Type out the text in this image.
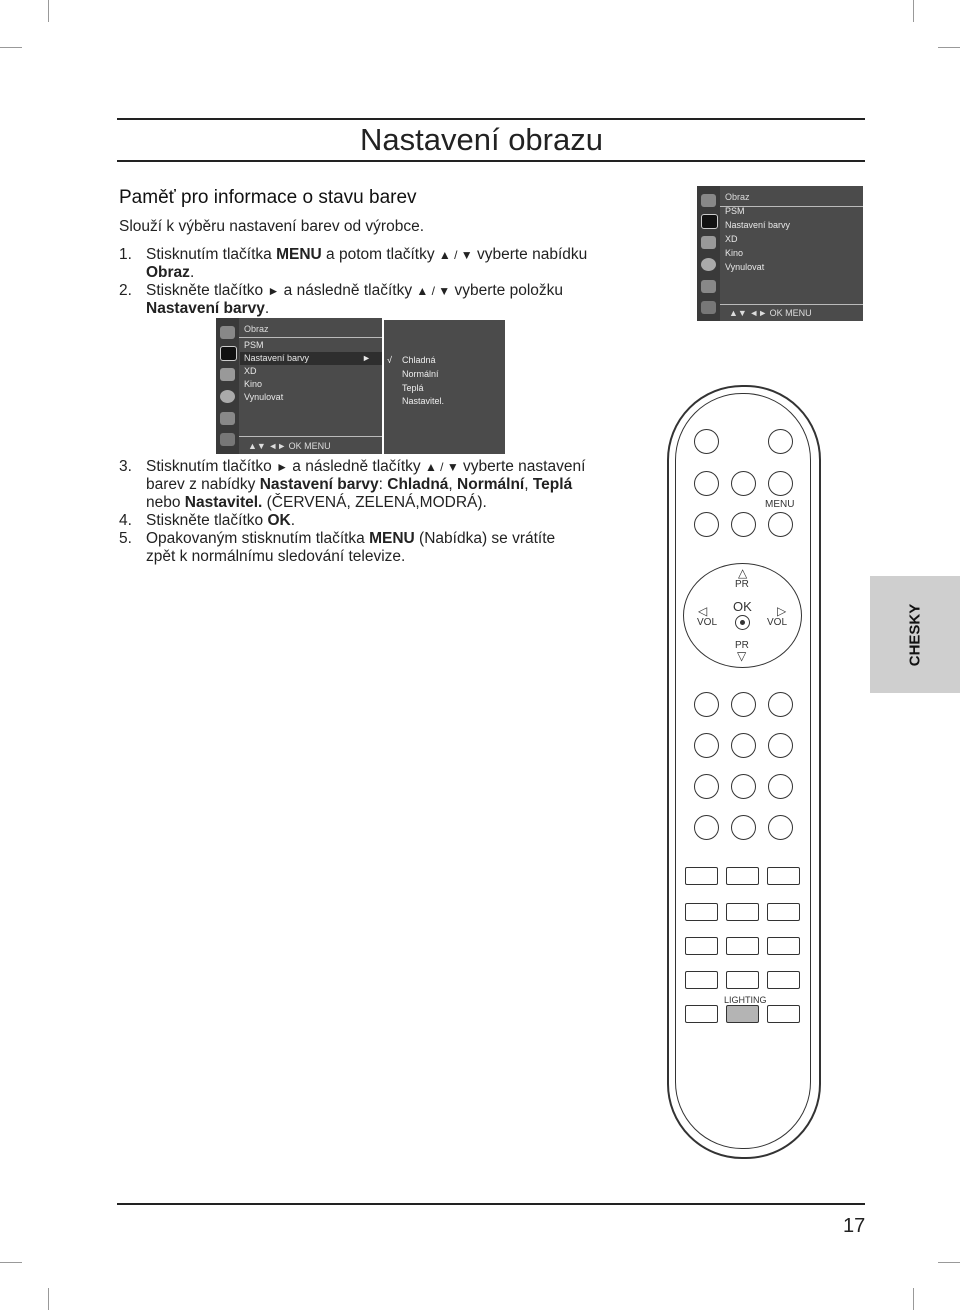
Nastavení obrazu
Paměť pro informace o stavu barev
Slouží k výběru nastavení barev od výrobce.
1. Stisknutím tlačítka MENU a potom tlačítky ▲ / ▼ vyberte nabídku
Obraz.
2. Stiskněte tlačítko ► a následně tlačítky ▲ / ▼ vyberte položku
Nastavení barvy.
Obraz
PSM
Nastavení barvy
XD
Kino
Vynulovat
▲▼ ◄► OK MENU
Obraz
PSM
Nastavení barvy	►
XD
Kino
Vynulovat
▲▼ ◄► OK MENU
√ Chladná
Normální
Teplá
Nastavitel.
3. Stisknutím tlačítko ► a následně tlačítky ▲ / ▼ vyberte nastavení
barev z nabídky Nastavení barvy: Chladná, Normální, Teplá
nebo Nastavitel. (ČERVENÁ, ZELENÁ,MODRÁ).
4. Stiskněte tlačítko OK.
5. Opakovaným stisknutím tlačítka MENU (Nabídka) se vrátíte
zpět k normálnímu sledování televize.
MENU
△
PR
◁
VOL
OK ▷
VOL
PR
▽
LIGHTING
CHESKY
17
